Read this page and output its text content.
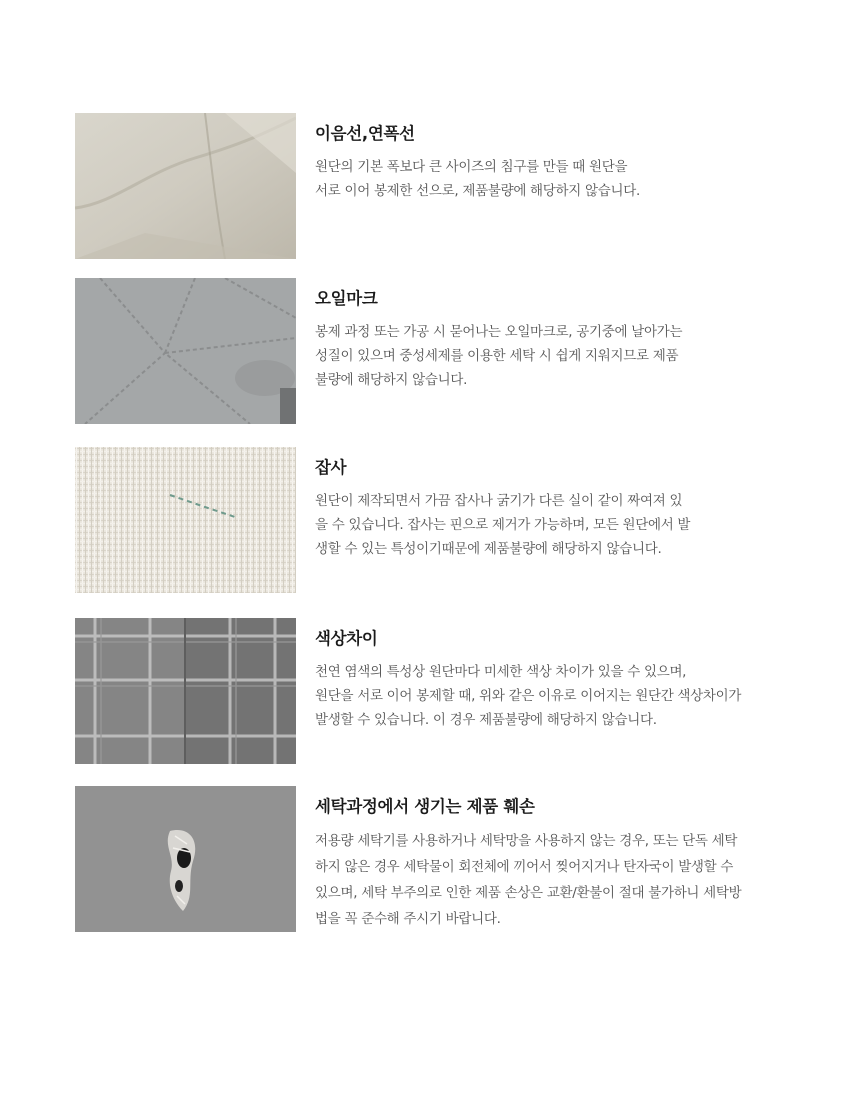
이음선,연폭선
원단의 기본 폭보다 큰 사이즈의 침구를 만들 때 원단을
서로 이어 봉제한 선으로, 제품불량에 해당하지 않습니다.
오일마크
봉제 과정 또는 가공 시 묻어나는 오일마크로, 공기중에 날아가는
성질이 있으며 중성세제를 이용한 세탁 시 쉽게 지워지므로 제품
불량에 해당하지 않습니다.
잡사
원단이 제작되면서 가끔 잡사나 굵기가 다른 실이 같이 짜여져 있
을 수 있습니다. 잡사는 핀으로 제거가 가능하며, 모든 원단에서 발
생할 수 있는 특성이기때문에 제품불량에 해당하지 않습니다.
색상차이
천연 염색의 특성상 원단마다 미세한 색상 차이가 있을 수 있으며,
원단을 서로 이어 봉제할 때, 위와 같은 이유로 이어지는 원단간 색상차이가
발생할 수 있습니다. 이 경우 제품불량에 해당하지 않습니다.
세탁과정에서 생기는 제품 훼손
저용량 세탁기를 사용하거나 세탁망을 사용하지 않는 경우, 또는 단독 세탁
하지 않은 경우 세탁물이 회전체에 끼어서 찢어지거나 탄자국이 발생할 수
있으며, 세탁 부주의로 인한 제품 손상은 교환/환불이 절대 불가하니 세탁방
법을 꼭 준수해 주시기 바랍니다.
